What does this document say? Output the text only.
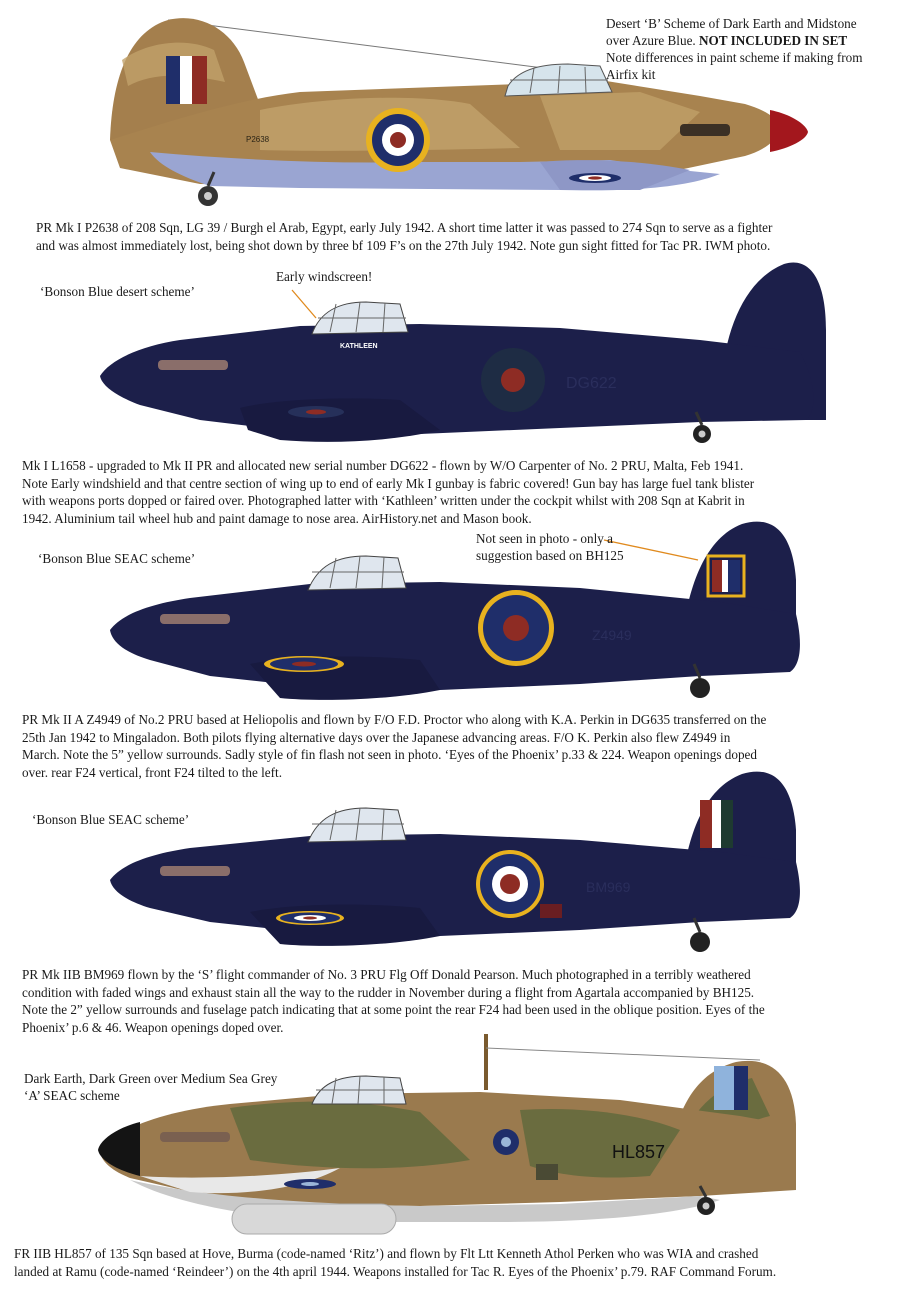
P2638
Desert ‘B’ Scheme of Dark Earth and Midstone
over Azure Blue. NOT INCLUDED IN SET
Note differences in paint scheme if making from
Airfix kit
PR Mk I P2638 of 208 Sqn, LG 39 / Burgh el Arab, Egypt, early July 1942. A short time latter it was passed to 274 Sqn to serve as a fighter
and was almost immediately lost, being shot down by three bf 109 F’s on the 27th July 1942. Note gun sight fitted for Tac PR. IWM photo.
KATHLEEN
DG622
‘Bonson Blue desert scheme’
Early windscreen!
Mk I L1658 - upgraded to Mk II PR and allocated new serial number DG622 - flown by W/O Carpenter of No. 2 PRU, Malta, Feb 1941.
Note Early windshield and that centre section of wing up to end of early Mk I gunbay is fabric covered! Gun bay has large fuel tank blister
with weapons ports dopped or faired over. Photographed latter with ‘Kathleen’ written under the cockpit whilst with 208 Sqn at Kabrit in
1942. Aluminium tail wheel hub and paint damage to nose area. AirHistory.net and Mason book.
Z4949
‘Bonson Blue SEAC scheme’
Not seen in photo - only a
suggestion based on BH125
PR Mk II A Z4949 of No.2 PRU based at Heliopolis and flown by F/O F.D. Proctor who along with K.A. Perkin in DG635 transferred on the
25th Jan 1942 to Mingaladon. Both pilots flying alternative days over the Japanese advancing areas. F/O K. Perkin also flew Z4949 in
March. Note the 5” yellow surrounds. Sadly style of fin flash not seen in photo. ‘Eyes of the Phoenix’ p.33 & 224. Weapon openings doped
over. rear F24 vertical, front F24 tilted to the left.
BM969
‘Bonson Blue SEAC scheme’
PR Mk IIB BM969 flown by the ‘S’ flight commander of No. 3 PRU Flg Off Donald Pearson. Much photographed in a terribly weathered
condition with faded wings and exhaust stain all the way to the rudder in November during a flight from Agartala accompanied by BH125.
Note the 2” yellow surrounds and fuselage patch indicating that at some point the rear F24 had been used in the oblique position. Eyes of the
Phoenix’ p.6 & 46. Weapon openings doped over.
HL857
Dark Earth, Dark Green over Medium Sea Grey
‘A’ SEAC scheme
FR IIB HL857 of 135 Sqn based at Hove, Burma (code-named ‘Ritz’) and flown by Flt Ltt Kenneth Athol Perken who was WIA and crashed
landed at Ramu (code-named ‘Reindeer’) on the 4th april 1944. Weapons installed for Tac R. Eyes of the Phoenix’ p.79. RAF Command Forum.
